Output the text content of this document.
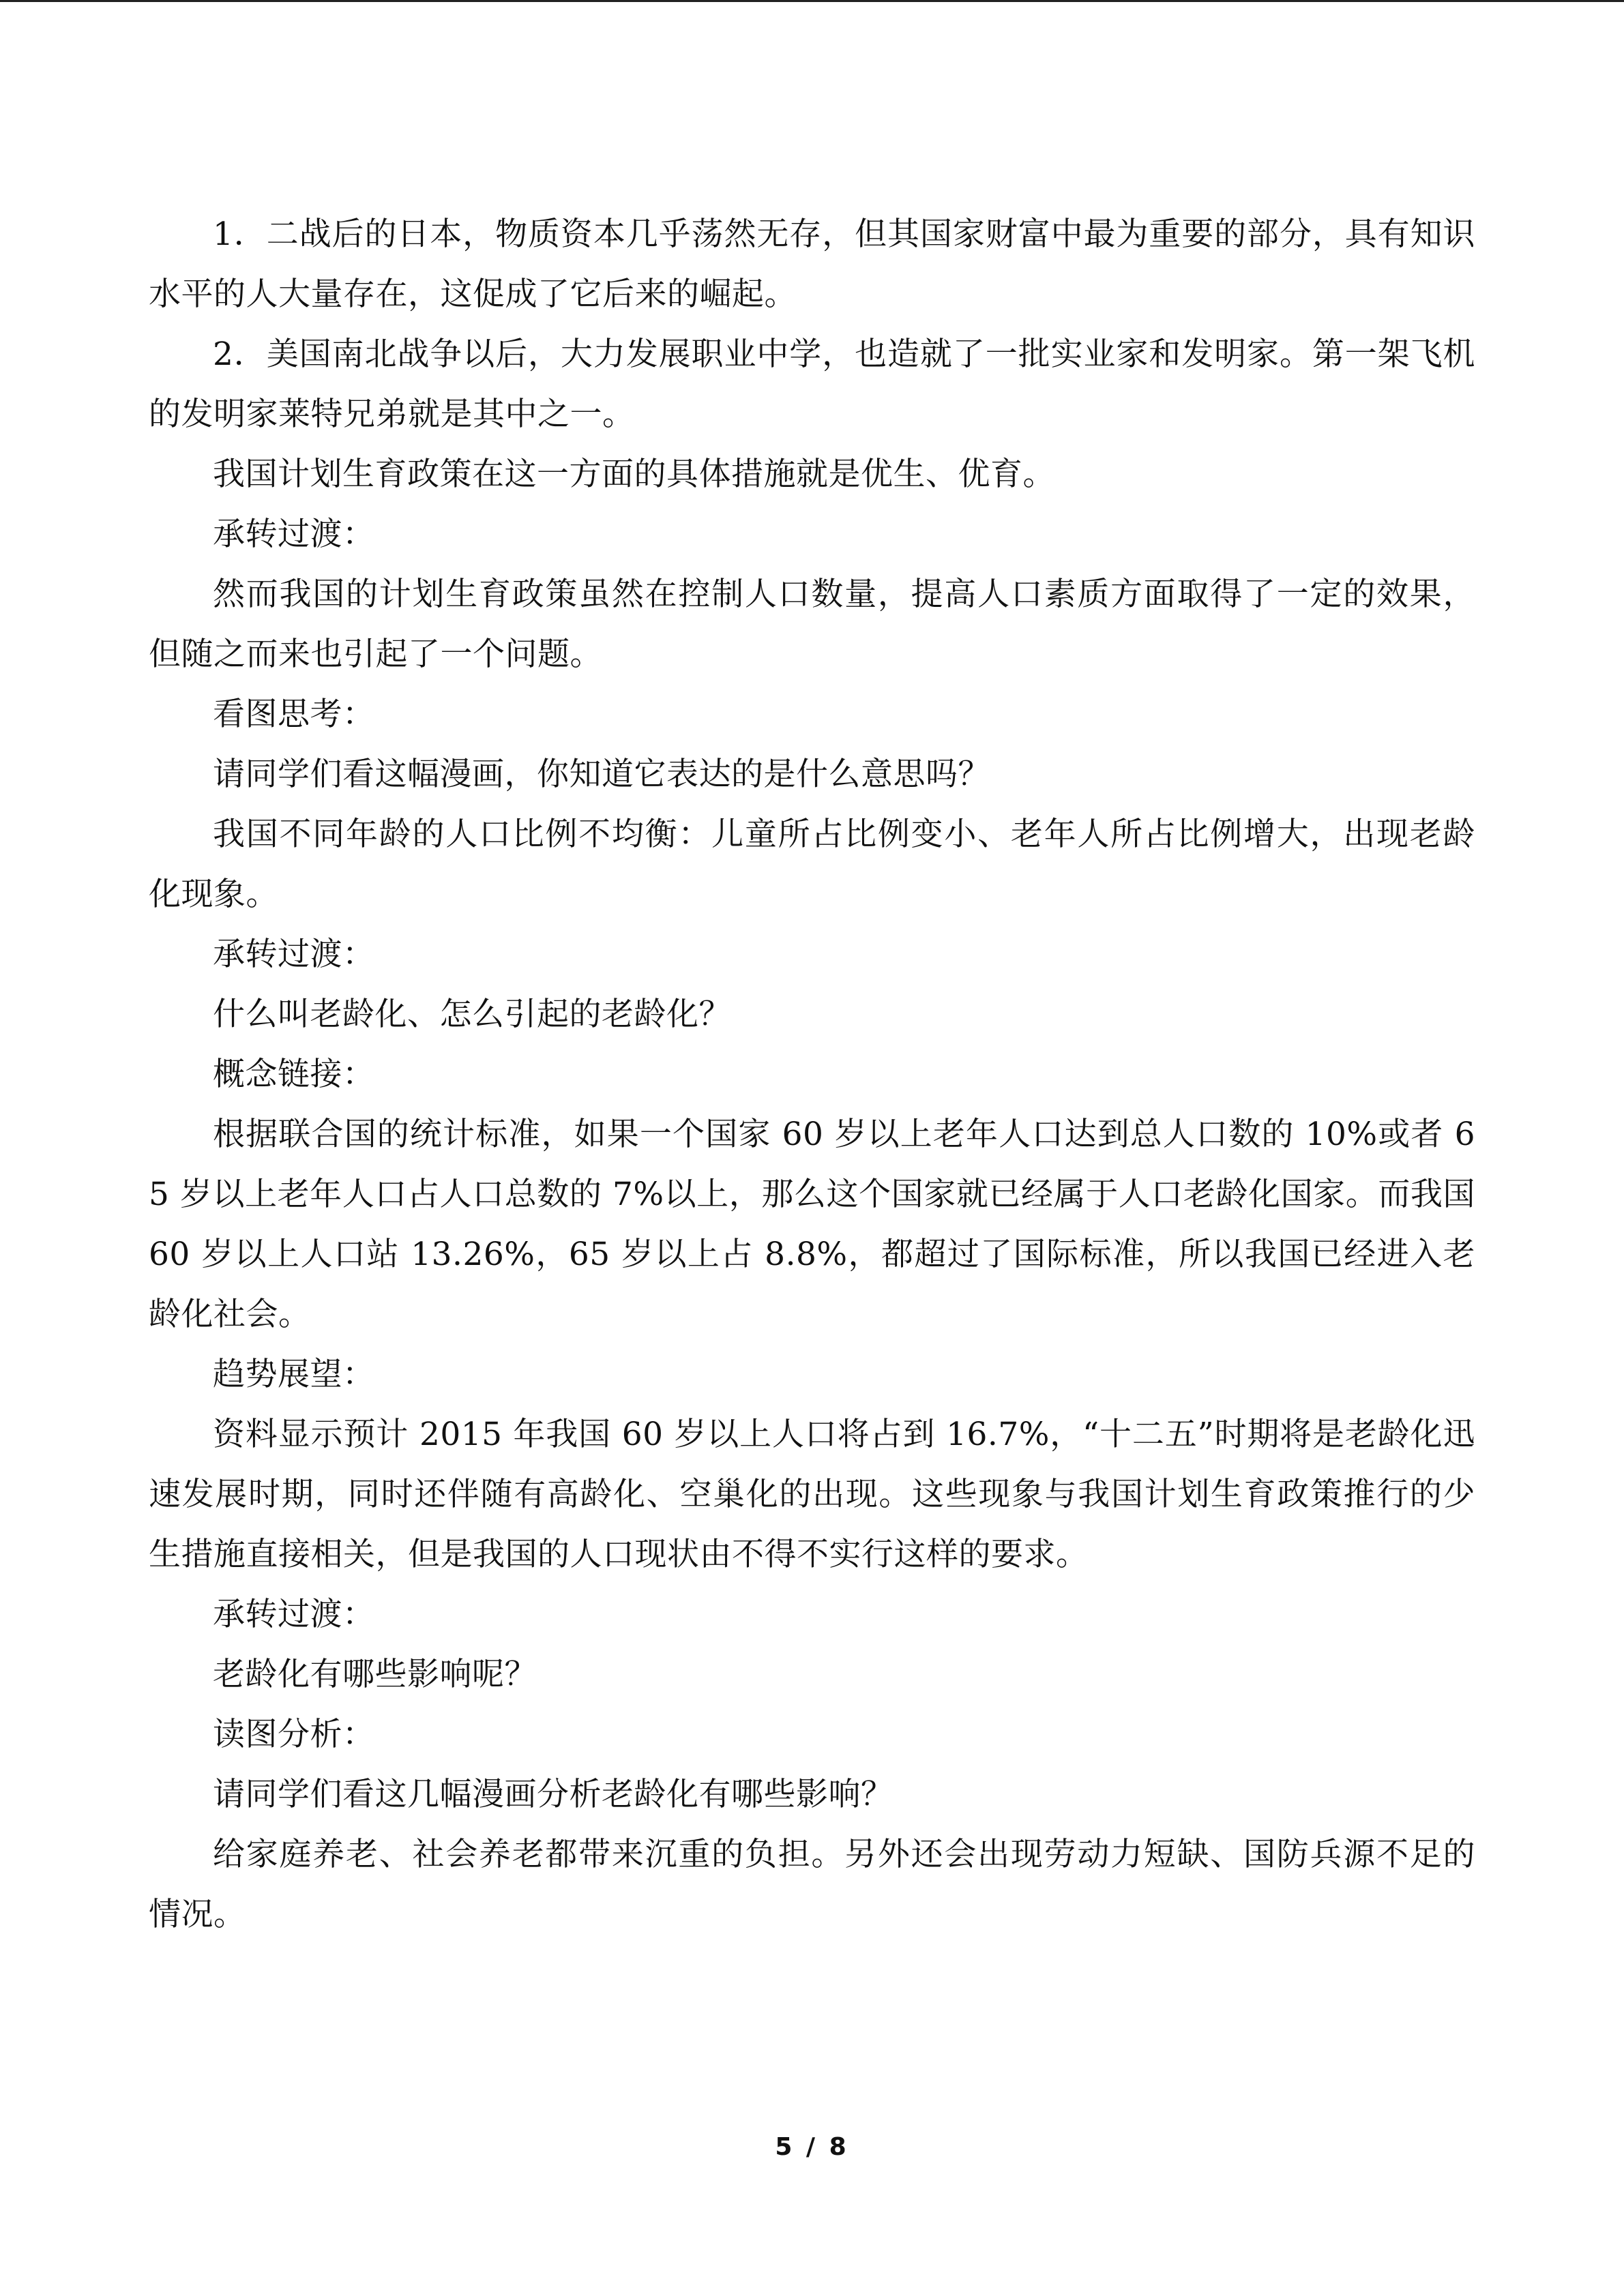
1．二战后的日本，物质资本几乎荡然无存，但其国家财富中最为重要的部分，具有知识水平的人大量存在，这促成了它后来的崛起。

2．美国南北战争以后，大力发展职业中学，也造就了一批实业家和发明家。第一架飞机的发明家莱特兄弟就是其中之一。

我国计划生育政策在这一方面的具体措施就是优生、优育。

承转过渡：

然而我国的计划生育政策虽然在控制人口数量，提高人口素质方面取得了一定的效果，但随之而来也引起了一个问题。

看图思考：

请同学们看这幅漫画，你知道它表达的是什么意思吗？

我国不同年龄的人口比例不均衡：儿童所占比例变小、老年人所占比例增大，出现老龄化现象。

承转过渡：

什么叫老龄化、怎么引起的老龄化？

概念链接：

根据联合国的统计标准，如果一个国家 60 岁以上老年人口达到总人口数的 10%或者 65 岁以上老年人口占人口总数的 7%以上，那么这个国家就已经属于人口老龄化国家。而我国 60 岁以上人口站 13.26%，65 岁以上占 8.8%，都超过了国际标准，所以我国已经进入老龄化社会。

趋势展望：

资料显示预计 2015 年我国 60 岁以上人口将占到 16.7%，“十二五”时期将是老龄化迅速发展时期，同时还伴随有高龄化、空巢化的出现。这些现象与我国计划生育政策推行的少生措施直接相关，但是我国的人口现状由不得不实行这样的要求。

承转过渡：

老龄化有哪些影响呢？

读图分析：

请同学们看这几幅漫画分析老龄化有哪些影响？

给家庭养老、社会养老都带来沉重的负担。另外还会出现劳动力短缺、国防兵源不足的情况。

5 / 8
